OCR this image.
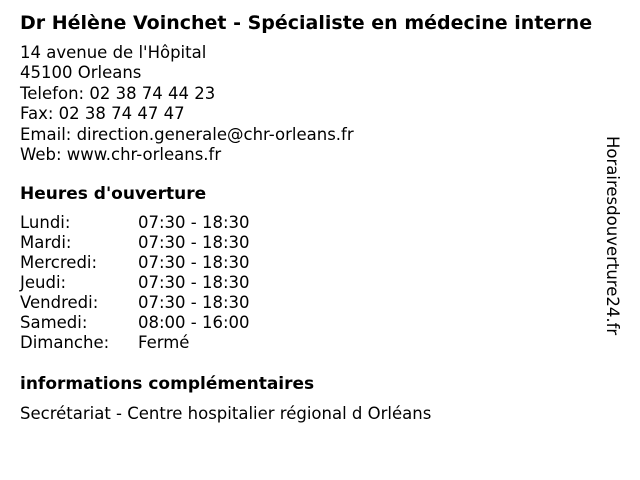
Dr Hélène Voinchet - Spécialiste en médecine interne
14 avenue de l'Hôpital
45100 Orleans
Telefon: 02 38 74 44 23
Fax: 02 38 74 47 47
Email: direction.generale@chr-orleans.fr
Web: www.chr-orleans.fr
Heures d'ouverture
Lundi:	07:30 - 18:30
Mardi:	07:30 - 18:30
Mercredi:	07:30 - 18:30
Jeudi:	07:30 - 18:30
Vendredi:	07:30 - 18:30
Samedi:	08:00 - 16:00
Dimanche:	Fermé
informations complémentaires
Secrétariat - Centre hospitalier régional d Orléans
Horairesdouverture24.fr
